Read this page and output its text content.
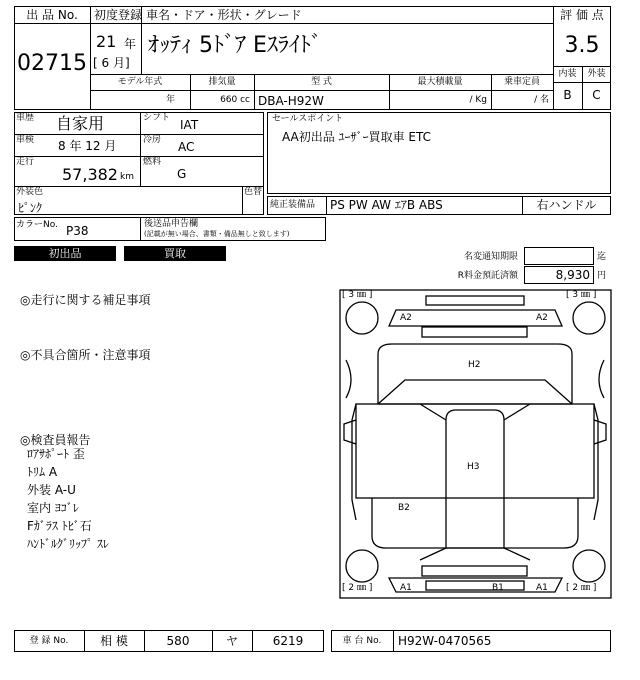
出 品 No.
02715
初度登録
21 年
[ 6 月]
車名・ドア・形状・グレード
ｵｯﾃｨ 5ﾄﾞｱ Eｽﾗｲﾄﾞ
評 価 点
3.5
内装	外装
B	C
モデル年式	排気量	型 式	最大積載量	乗車定員
年	660 cc DBA-H92W	/ Kg	/ 名
車歴 自家用
車検 8 年 12 月
走行
57,382 km
シフト IAT
冷房 AC
燃料
G
外装色
ﾋﾟﾝｸ
色替
セールスポイント
AA初出品 ﾕｰｻﾞｰ買取車 ETC
純正装備品 PS PW AW ｴｱB ABS	右ハンドル
カラーNo. P38	後送品申告欄
(記載が無い場合、書類・備品無しと致します)
初出品	買取	名変通知期限	迄
R料金預託済額	8,930 円
◎走行に関する補足事項
◎不具合箇所・注意事項
◎検査員報告
ﾛｱｻﾎﾟｰﾄ 歪
ﾄﾘﾑ A
外装 A-U
室内 ﾖｺﾞﾚ
Fｶﾞﾗｽ ﾄﾋﾞ石
ﾊﾝﾄﾞﾙｸﾞﾘｯﾌﾟ ｽﾚ
[ 3 ㎜ ]	[ 3 ㎜ ]
[ 2 ㎜ ]	[ 2 ㎜ ]
A2	A2
H2
H3
B2
A1	B1	A1
登 録 No.	相 模	580	ヤ	6219	車 台 No.	H92W-0470565
